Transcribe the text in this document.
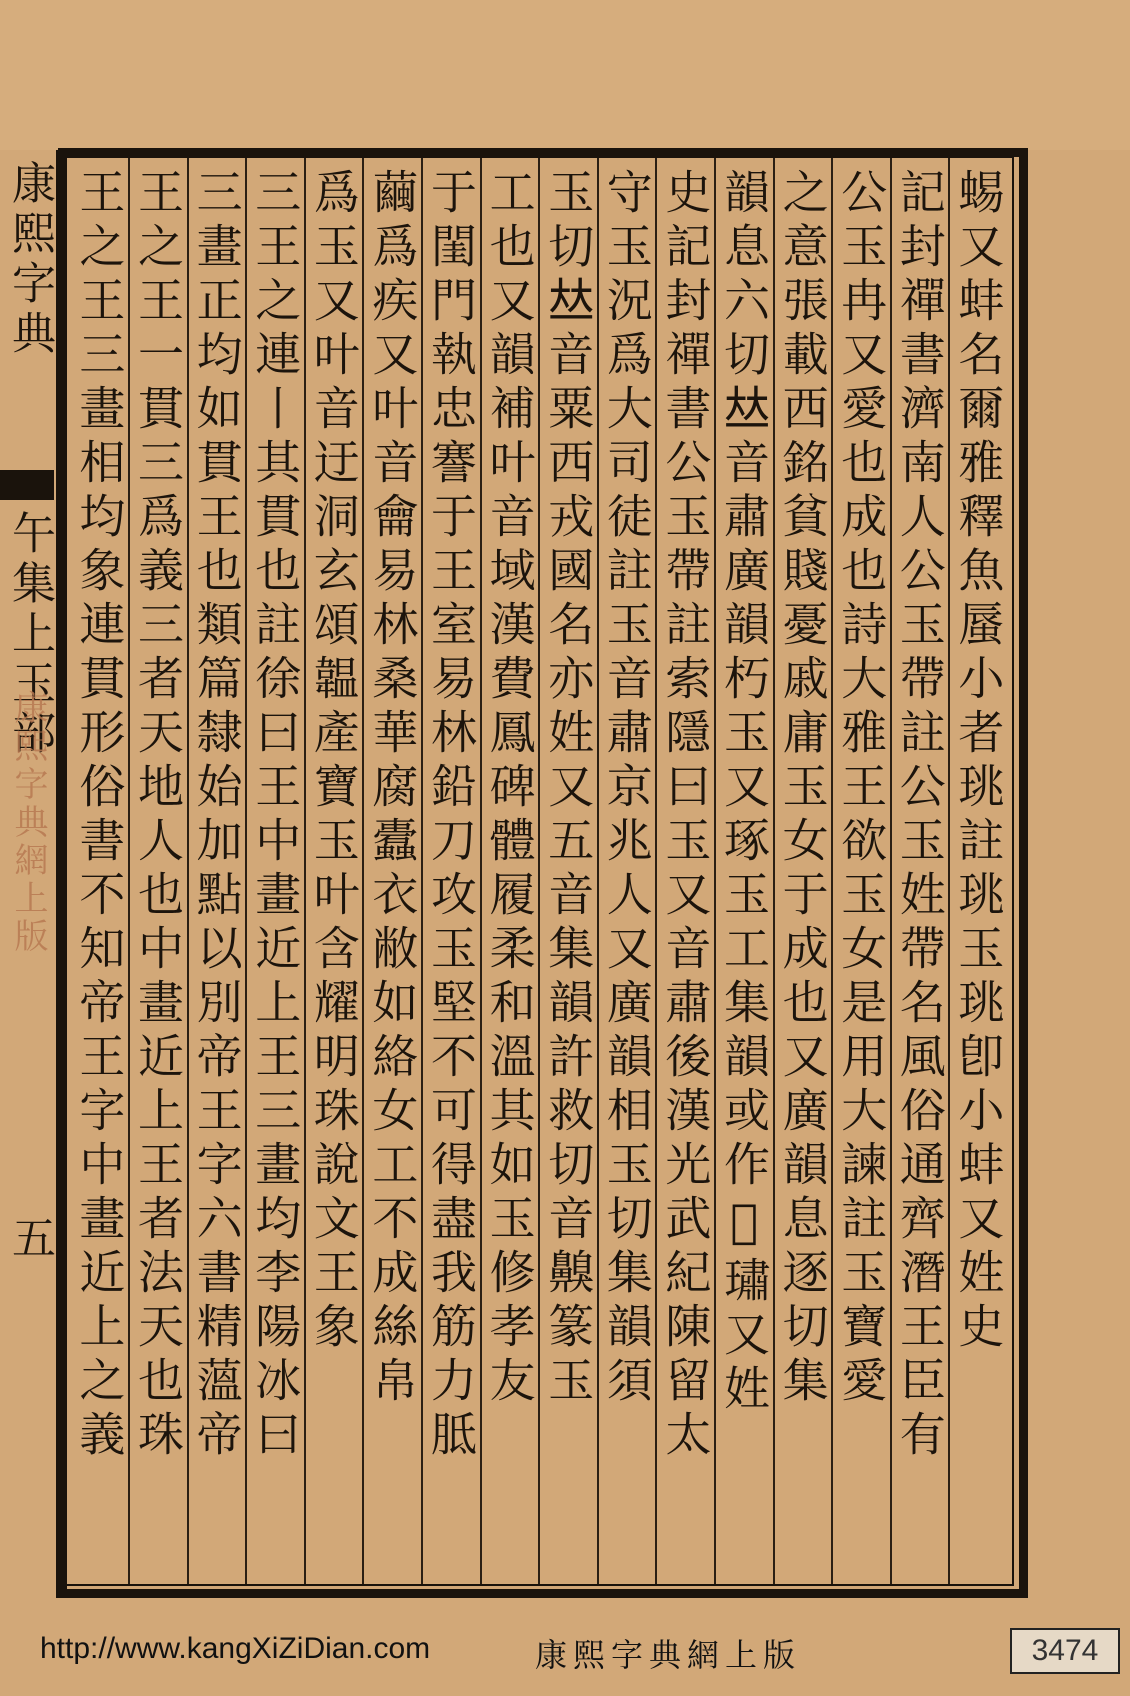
康熙字典
午集上玉部
康熙字典網上版
五	蜴又蚌名爾雅釋魚蜃小者珧註珧玉珧卽小蚌又姓史
記封禪書濟南人公玉帶註公玉姓帶名風俗通齊潛王臣有
公玉冉又愛也成也詩大雅王欲玉女是用大諫註玉寶愛
之意張載西銘貧賤憂戚庸玉女于成也又廣韻息逐切集
韻息六切𠀤音肅廣韻朽玉又琢玉工集韻或作𤥨璛又姓
史記封禪書公玉帶註索隱曰玉又音肅後漢光武紀陳留太
守玉況爲大司徒註玉音肅京兆人又廣韻相玉切集韻須
玉切𠀤音粟西戎國名亦姓又五音集韻許救切音齅篆玉
工也又韻補叶音域漢費鳳碑體履柔和溫其如玉修孝友
于閨門執忠謇于王室易林鉛刀攻玉堅不可得盡我筋力胝
繭爲疾又叶音龠易林桑華腐蠹衣敝如絡女工不成絲帛
爲玉又叶音迂洞玄頌韞產寶玉叶含耀明珠說文王象
三王之連丨其貫也註徐曰王中畫近上王三畫均李陽冰曰
三畫正均如貫王也類篇隸始加點以別帝王字六書精薀帝
王之王一貫三爲義三者天地人也中畫近上王者法天也珠
王之王三畫相均象連貫形俗書不知帝王字中畫近上之義
http://www.kangXiZiDian.com	康熙字典網上版	3474
